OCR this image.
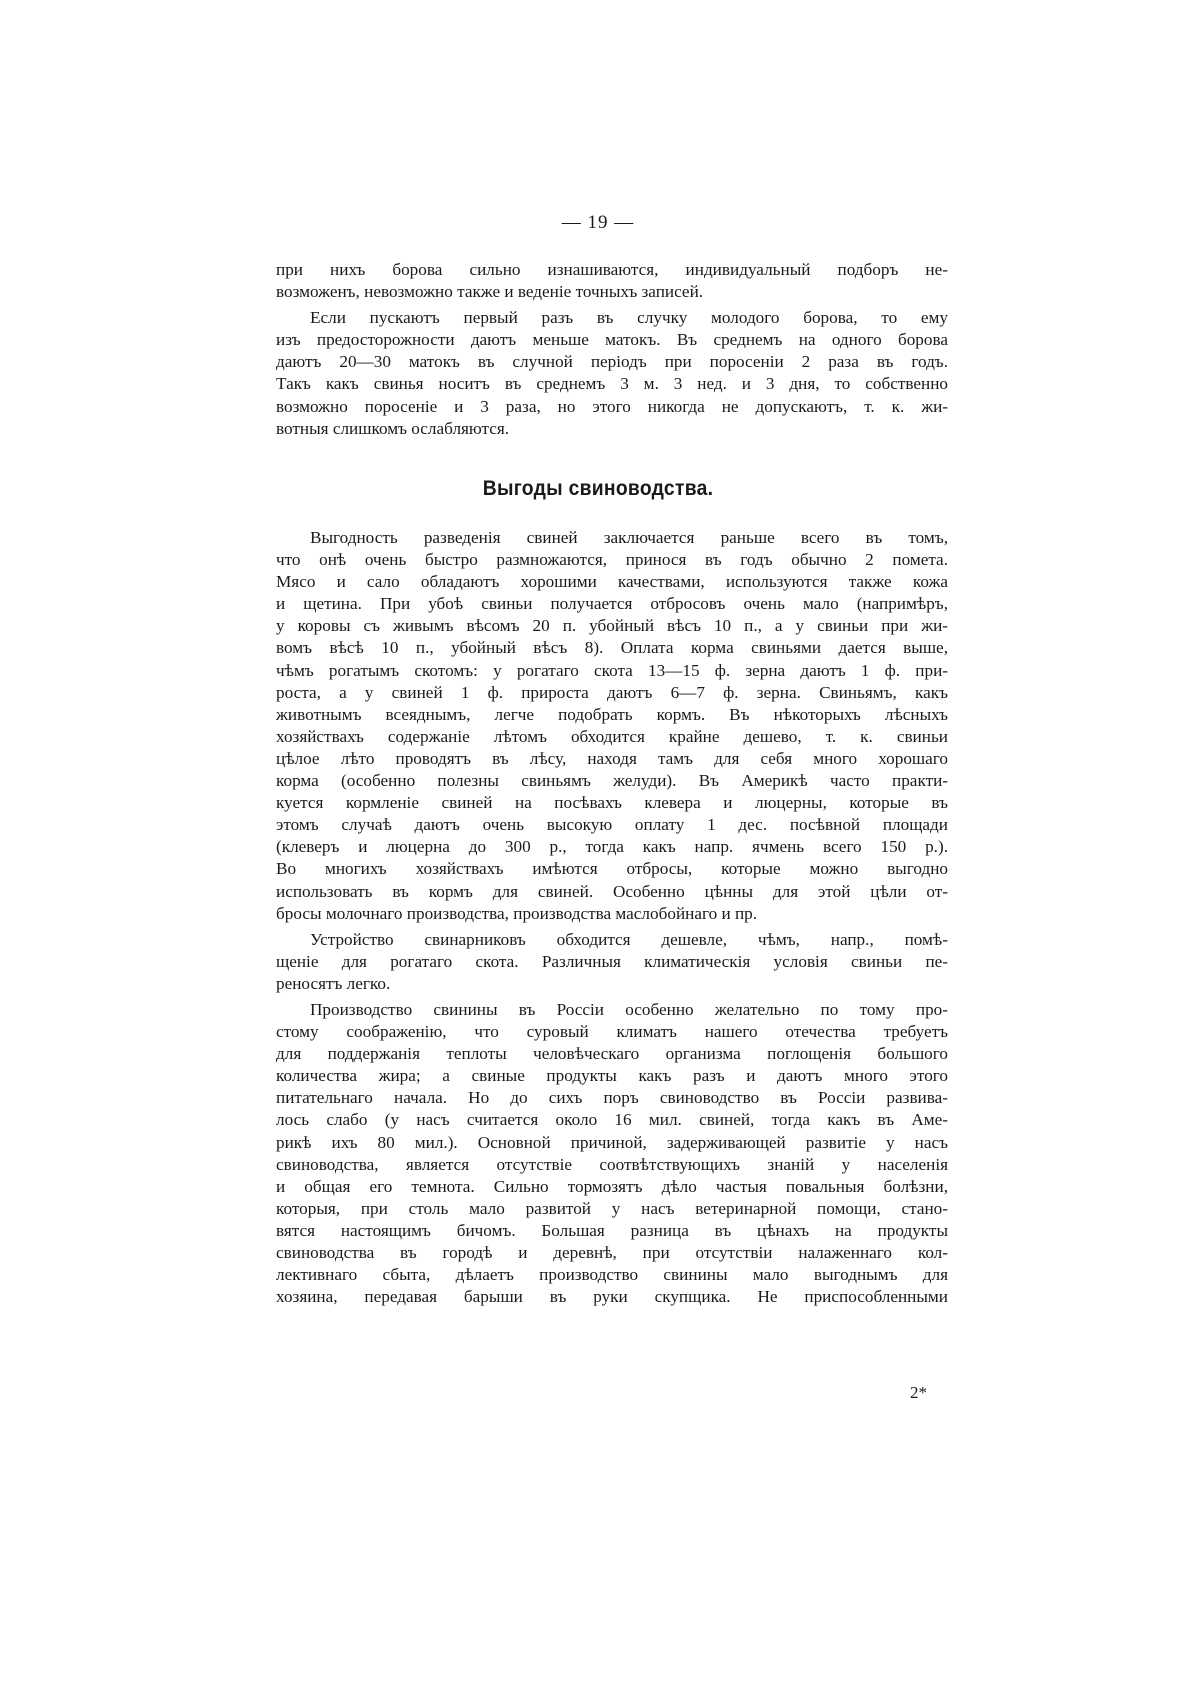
— 19 —

при нихъ борова сильно изнашиваются, индивидуальный подборъ не-
возможенъ, невозможно также и веденіе точныхъ записей.

Если пускаютъ первый разъ въ случку молодого борова, то ему
изъ предосторожности даютъ меньше матокъ. Въ среднемъ на одного борова
даютъ 20—30 матокъ въ случной періодъ при поросеніи 2 раза въ годъ.
Такъ какъ свинья носитъ въ среднемъ 3 м. 3 нед. и 3 дня, то собственно
возможно поросеніе и 3 раза, но этого никогда не допускаютъ, т. к. жи-
вотныя слишкомъ ослабляются.

Выгоды свиноводства.

Выгодность разведенія свиней заключается раньше всего въ томъ,
что онѣ очень быстро размножаются, принося въ годъ обычно 2 помета.
Мясо и сало обладаютъ хорошими качествами, используются также кожа
и щетина. При убоѣ свиньи получается отбросовъ очень мало (напримѣръ,
у коровы съ живымъ вѣсомъ 20 п. убойный вѣсъ 10 п., а у свиньи при жи-
вомъ вѣсѣ 10 п., убойный вѣсъ 8). Оплата корма свиньями дается выше,
чѣмъ рогатымъ скотомъ: у рогатаго скота 13—15 ф. зерна даютъ 1 ф. при-
роста, а у свиней 1 ф. прироста даютъ 6—7 ф. зерна. Свиньямъ, какъ
животнымъ всеяднымъ, легче подобрать кормъ. Въ нѣкоторыхъ лѣсныхъ
хозяйствахъ содержаніе лѣтомъ обходится крайне дешево, т. к. свиньи
цѣлое лѣто проводятъ въ лѣсу, находя тамъ для себя много хорошаго
корма (особенно полезны свиньямъ желуди). Въ Америкѣ часто практи-
куется кормленіе свиней на посѣвахъ клевера и люцерны, которые въ
этомъ случаѣ даютъ очень высокую оплату 1 дес. посѣвной площади
(клеверъ и люцерна до 300 р., тогда какъ напр. ячмень всего 150 р.).
Во многихъ хозяйствахъ имѣются отбросы, которые можно выгодно
использовать въ кормъ для свиней. Особенно цѣнны для этой цѣли от-
бросы молочнаго производства, производства маслобойнаго и пр.

Устройство свинарниковъ обходится дешевле, чѣмъ, напр., помѣ-
щеніе для рогатаго скота. Различныя климатическія условія свиньи пе-
реносятъ легко.

Производство свинины въ Россіи особенно желательно по тому про-
стому соображенію, что суровый климатъ нашего отечества требуетъ
для поддержанія теплоты человѣческаго организма поглощенія большого
количества жира; а свиные продукты какъ разъ и даютъ много этого
питательнаго начала. Но до сихъ поръ свиноводство въ Россіи развива-
лось слабо (у насъ считается около 16 мил. свиней, тогда какъ въ Аме-
рикѣ ихъ 80 мил.). Основной причиной, задерживающей развитіе у насъ
свиноводства, является отсутствіе соотвѣтствующихъ знаній у населенія
и общая его темнота. Сильно тормозятъ дѣло частыя повальныя болѣзни,
которыя, при столь мало развитой у насъ ветеринарной помощи, стано-
вятся настоящимъ бичомъ. Большая разница въ цѣнахъ на продукты
свиноводства въ городѣ и деревнѣ, при отсутствіи налаженнаго кол-
лективнаго сбыта, дѣлаетъ производство свинины мало выгоднымъ для
хозяина, передавая барыши въ руки скупщика. Не приспособленными

2*
